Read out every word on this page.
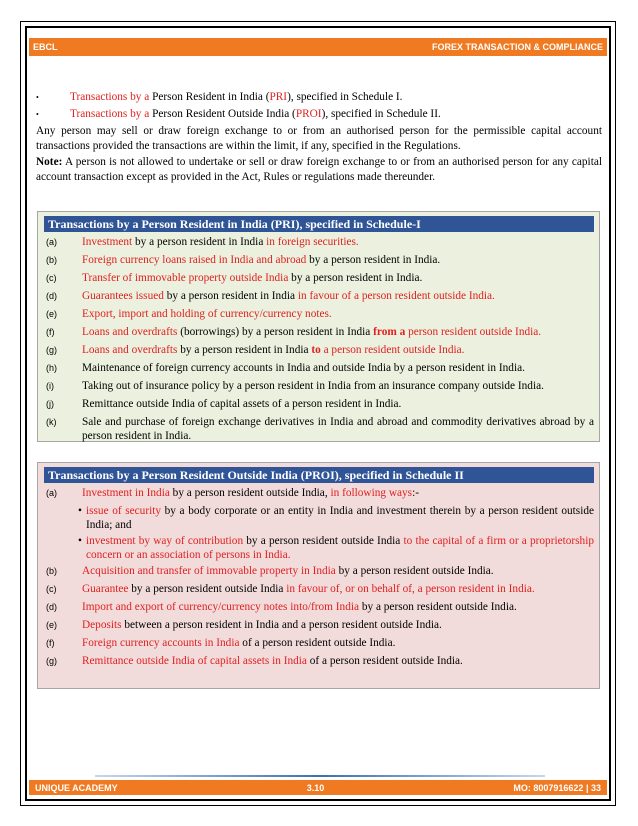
EBCL	FOREX TRANSACTION & COMPLIANCE
•	Transactions by a Person Resident in India (PRI), specified in Schedule I.
•	Transactions by a Person Resident Outside India (PROI), specified in Schedule II.
Any person may sell or draw foreign exchange to or from an authorised person for the permissible capital account transactions provided the transactions are within the limit, if any, specified in the Regulations.
Note: A person is not allowed to undertake or sell or draw foreign exchange to or from an authorised person for any capital account transaction except as provided in the Act, Rules or regulations made thereunder.
Transactions by a Person Resident in India (PRI), specified in Schedule-I
(a)	Investment by a person resident in India in foreign securities.
(b)	Foreign currency loans raised in India and abroad by a person resident in India.
(c)	Transfer of immovable property outside India by a person resident in India.
(d)	Guarantees issued by a person resident in India in favour of a person resident outside India.
(e)	Export, import and holding of currency/currency notes.
(f)	Loans and overdrafts (borrowings) by a person resident in India from a person resident outside India.
(g)	Loans and overdrafts by a person resident in India to a person resident outside India.
(h)	Maintenance of foreign currency accounts in India and outside India by a person resident in India.
(i)	Taking out of insurance policy by a person resident in India from an insurance company outside India.
(j)	Remittance outside India of capital assets of a person resident in India.
(k)	Sale and purchase of foreign exchange derivatives in India and abroad and commodity derivatives abroad by a person resident in India.
Transactions by a Person Resident Outside India (PROI), specified in Schedule II
(a)	Investment in India by a person resident outside India, in following ways:-
• issue of security by a body corporate or an entity in India and investment therein by a person resident outside India; and
• investment by way of contribution by a person resident outside India to the capital of a firm or a proprietorship concern or an association of persons in India.
(b)	Acquisition and transfer of immovable property in India by a person resident outside India.
(c)	Guarantee by a person resident outside India in favour of, or on behalf of, a person resident in India.
(d)	Import and export of currency/currency notes into/from India by a person resident outside India.
(e)	Deposits between a person resident in India and a person resident outside India.
(f)	Foreign currency accounts in India of a person resident outside India.
(g)	Remittance outside India of capital assets in India of a person resident outside India.
UNIQUE ACADEMY	3.10	MO: 8007916622 | 33
